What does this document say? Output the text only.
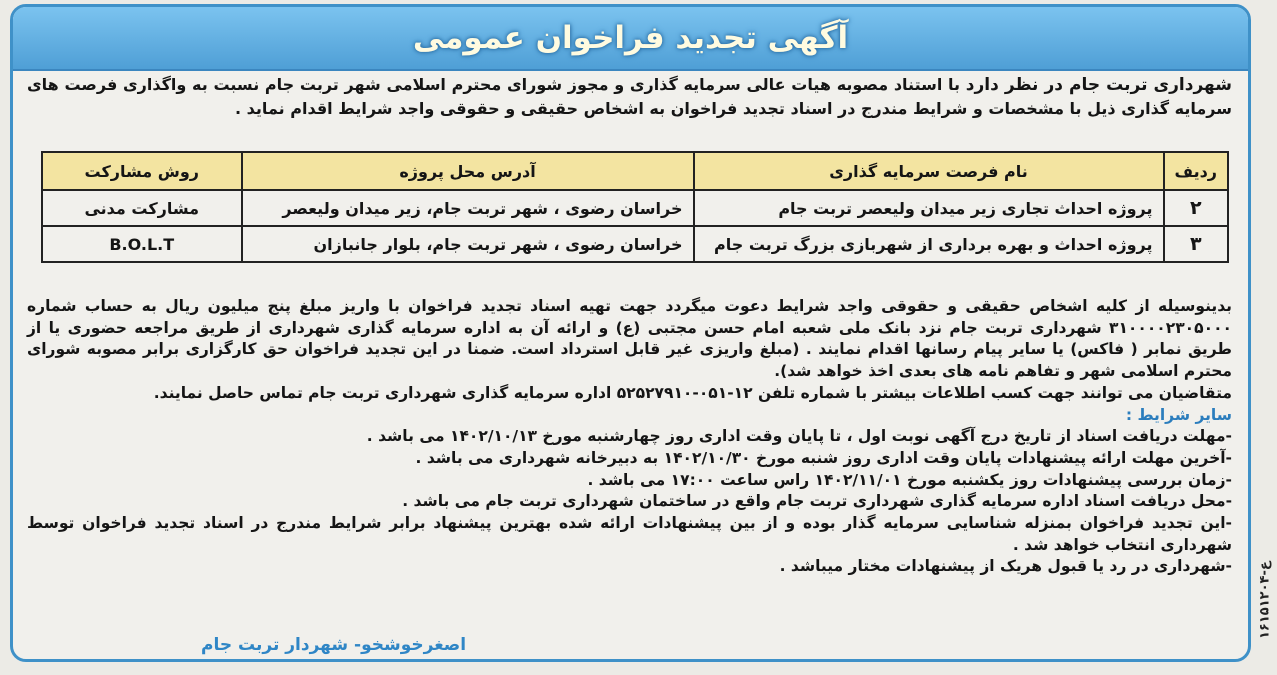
آگهی تجدید فراخوان عمومی
شهرداری تربت جام در نظر دارد با استناد مصوبه هیات عالی سرمایه گذاری و مجوز شورای محترم اسلامی شهر تربت جام نسبت به واگذاری فرصت های سرمایه گذاری ذیل با مشخصات و شرایط مندرج در اسناد تجدید فراخوان به اشخاص حقیقی و حقوقی واجد شرایط اقدام نماید .
ردیف	نام فرصت سرمایه گذاری	آدرس محل پروژه	روش مشارکت
۲	پروژه احداث تجاری زیر میدان ولیعصر تربت جام	خراسان رضوی ، شهر تربت جام، زیر میدان ولیعصر	مشارکت مدنی
۳	پروژه احداث و بهره برداری از شهربازی بزرگ تربت جام	خراسان رضوی ، شهر تربت جام، بلوار جانبازان	B.O.L.T

بدینوسیله از کلیه اشخاص حقیقی و حقوقی واجد شرایط دعوت میگردد جهت تهیه اسناد تجدید فراخوان با واریز مبلغ پنج میلیون ریال به حساب شماره ۳۱۰۰۰۰۲۳۰۵۰۰۰ شهرداری تربت جام نزد بانک ملی شعبه امام حسن مجتبی (ع) و ارائه آن به اداره سرمایه گذاری شهرداری از طریق مراجعه حضوری یا از طریق نمابر ( فاکس) یا سایر پیام رسانها اقدام نمایند . (مبلغ واریزی غیر قابل استرداد است. ضمنا در این تجدید فراخوان حق کارگزاری برابر مصوبه شورای محترم اسلامی شهر و تفاهم نامه های بعدی اخذ خواهد شد).

متقاضیان می توانند جهت کسب اطلاعات بیشتر با شماره تلفن ۱۲-۰۵۱-۵۲۵۲۷۹۱۰ اداره سرمایه گذاری شهرداری تربت جام تماس حاصل نمایند.

سایر شرایط :

-مهلت دریافت اسناد از تاریخ درج آگهی نوبت اول ، تا پایان وقت اداری روز چهارشنبه مورخ ۱۴۰۲/۱۰/۱۳ می باشد .

-آخرین مهلت ارائه پیشنهادات پایان وقت اداری روز شنبه مورخ ۱۴۰۲/۱۰/۳۰ به دبیرخانه شهرداری می باشد .

-زمان بررسی پیشنهادات روز یکشنبه مورخ ۱۴۰۲/۱۱/۰۱ راس ساعت ۱۷:۰۰ می باشد .

-محل دریافت اسناد اداره سرمایه گذاری شهرداری تربت جام واقع در ساختمان شهرداری تربت جام می باشد .

-این تجدید فراخوان بمنزله شناسایی سرمایه گذار بوده و از بین پیشنهادات ارائه شده بهترین پیشنهاد برابر شرایط مندرج در اسناد تجدید فراخوان توسط شهرداری انتخاب خواهد شد .

-شهرداری در رد یا قبول هریک از پیشنهادات مختار میباشد .

اصغرخوشخو- شهردار تربت جام
ع-۱۶۱۵۱۲۰۴
